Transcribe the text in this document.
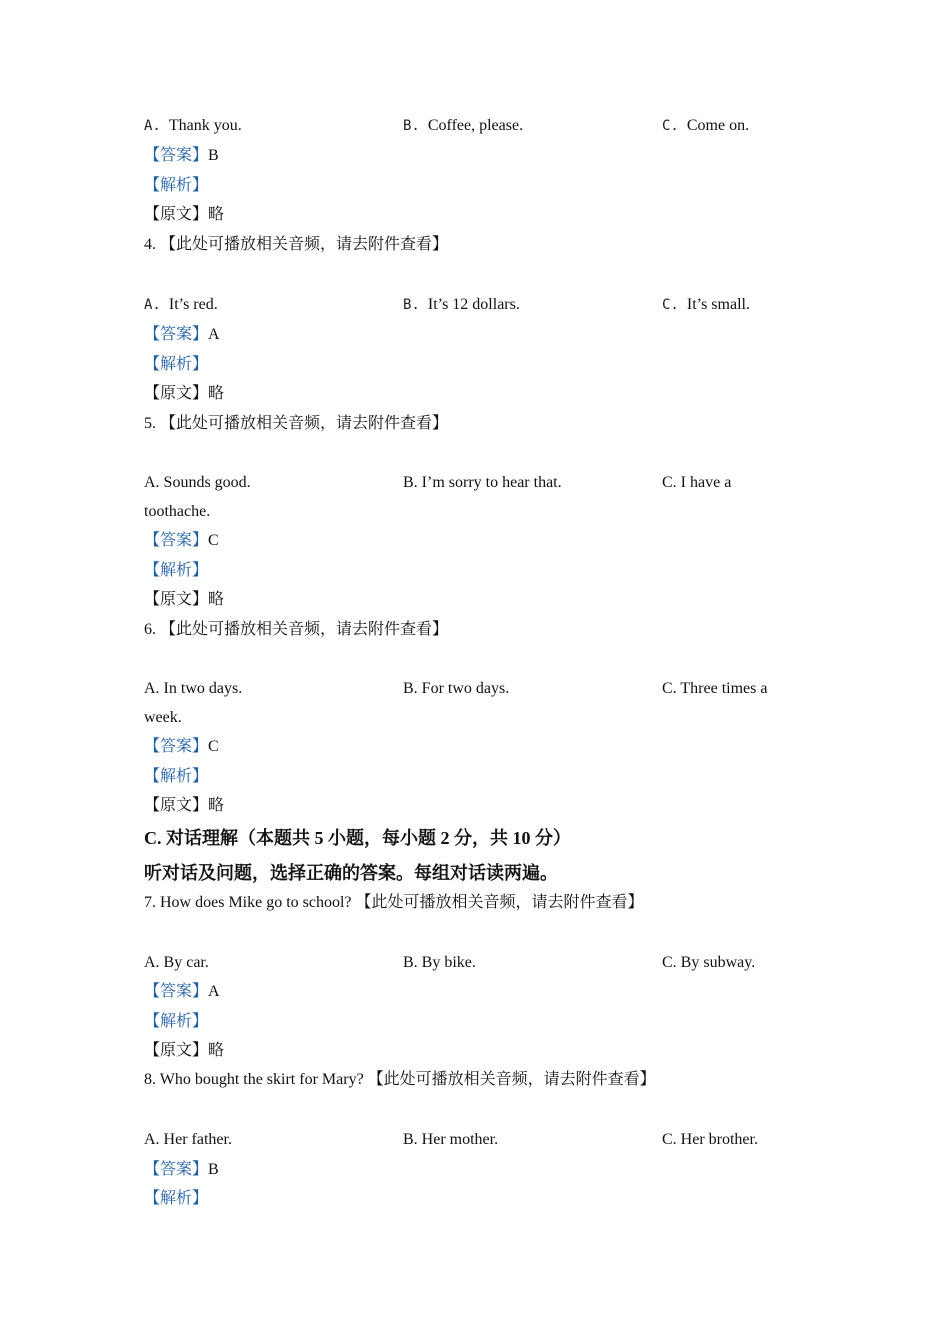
A. Thank you.	B. Coffee, please.	C. Come on.
【答案】B
【解析】
【原文】略
4. 【此处可播放相关音频，请去附件查看】
A. It’s red.	B. It’s 12 dollars.	C. It’s small.
【答案】A
【解析】
【原文】略
5. 【此处可播放相关音频，请去附件查看】
A. Sounds good.	B. I’m sorry to hear that.	C. I have a
toothache.
【答案】C
【解析】
【原文】略
6. 【此处可播放相关音频，请去附件查看】
A. In two days.	B. For two days.	C. Three times a
week.
【答案】C
【解析】
【原文】略
C. 对话理解（本题共 5 小题，每小题 2 分，共 10 分）
听对话及问题，选择正确的答案。每组对话读两遍。
7. How does Mike go to school? 【此处可播放相关音频，请去附件查看】
A. By car.	B. By bike.	C. By subway.
【答案】A
【解析】
【原文】略
8. Who bought the skirt for Mary? 【此处可播放相关音频，请去附件查看】
A. Her father.	B. Her mother.	C. Her brother.
【答案】B
【解析】
